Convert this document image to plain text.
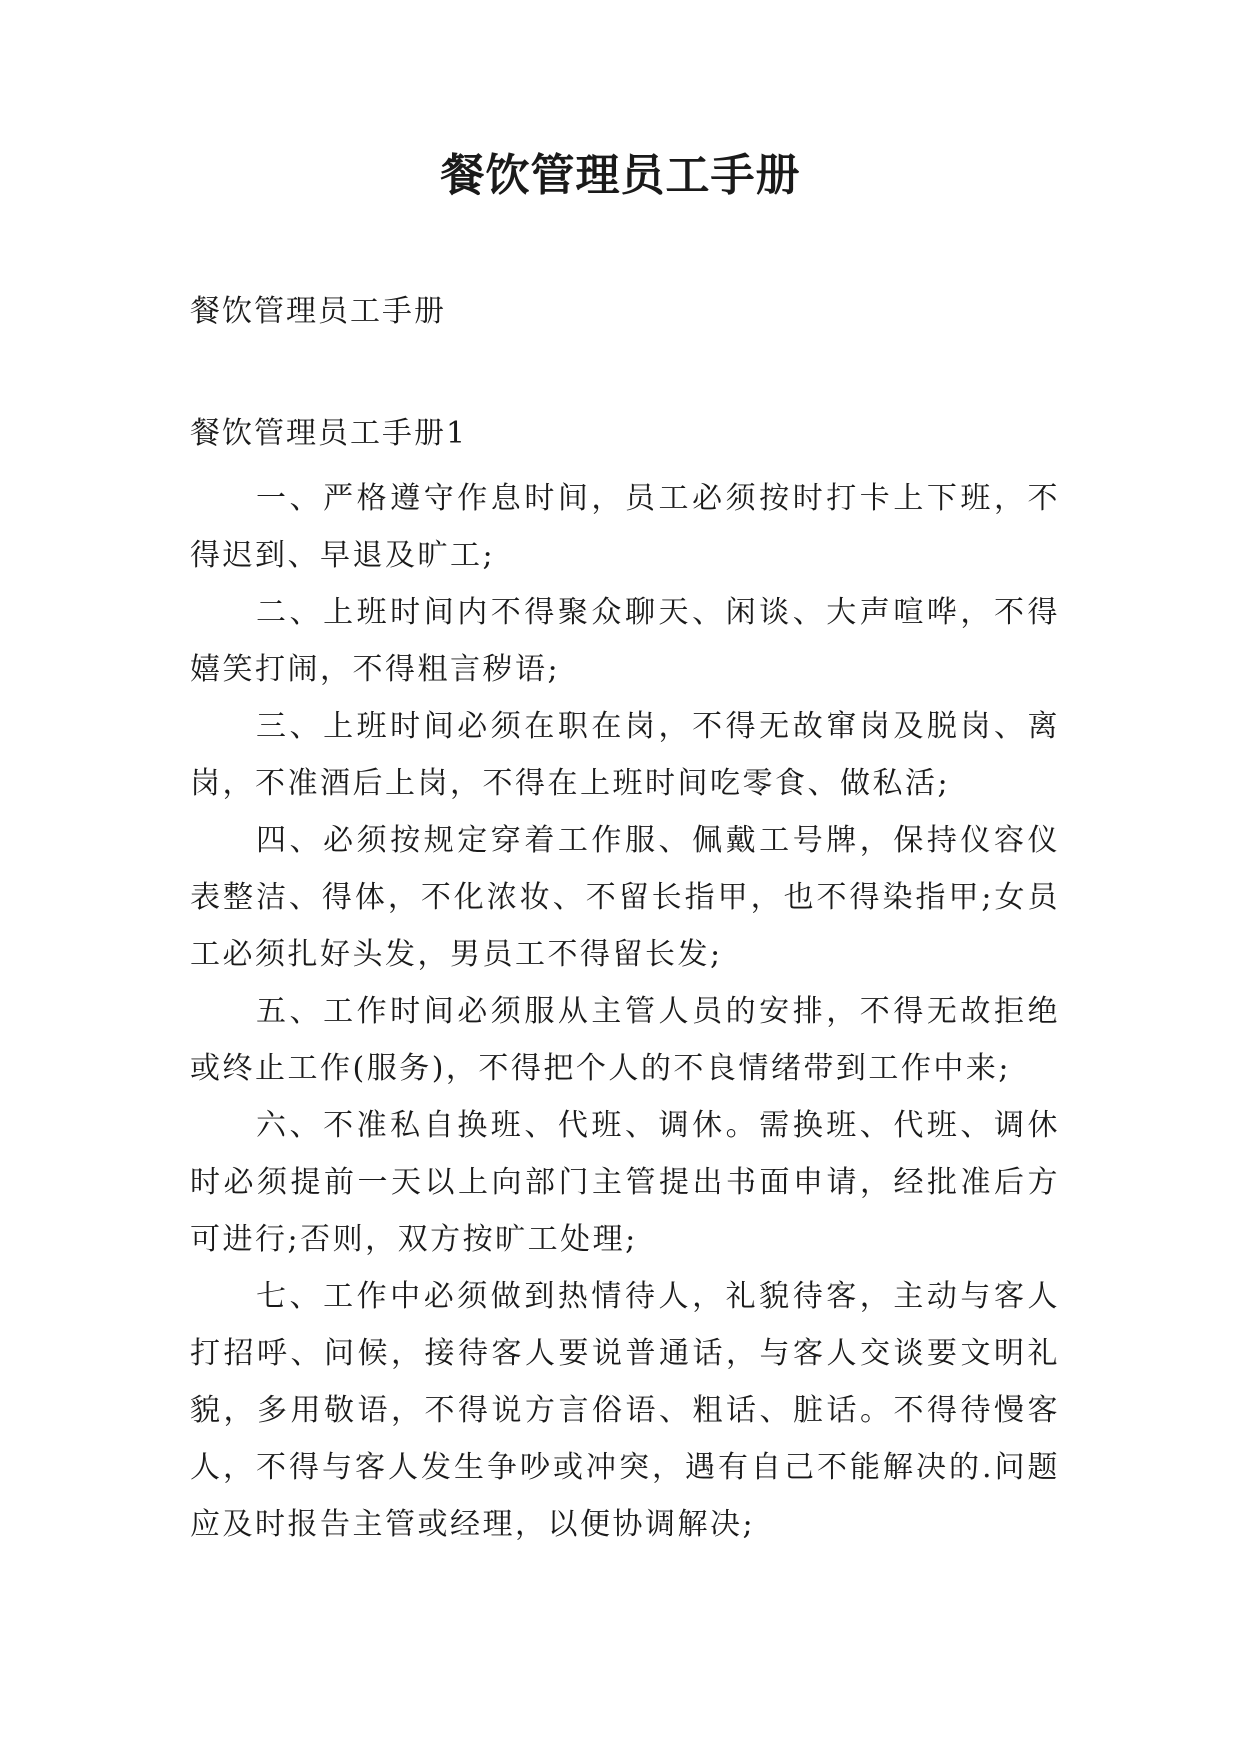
餐饮管理员工手册
餐饮管理员工手册
餐饮管理员工手册1

一、严格遵守作息时间，员工必须按时打卡上下班，不得迟到、早退及旷工;

二、上班时间内不得聚众聊天、闲谈、大声喧哗，不得嬉笑打闹，不得粗言秽语;

三、上班时间必须在职在岗，不得无故窜岗及脱岗、离岗，不准酒后上岗，不得在上班时间吃零食、做私活;

四、必须按规定穿着工作服、佩戴工号牌，保持仪容仪表整洁、得体，不化浓妆、不留长指甲，也不得染指甲;女员工必须扎好头发，男员工不得留长发;

五、工作时间必须服从主管人员的安排，不得无故拒绝或终止工作(服务)，不得把个人的不良情绪带到工作中来;

六、不准私自换班、代班、调休。需换班、代班、调休时必须提前一天以上向部门主管提出书面申请，经批准后方可进行;否则，双方按旷工处理;

七、工作中必须做到热情待人，礼貌待客，主动与客人打招呼、问候，接待客人要说普通话，与客人交谈要文明礼貌，多用敬语，不得说方言俗语、粗话、脏话。不得待慢客人，不得与客人发生争吵或冲突，遇有自己不能解决的.问题应及时报告主管或经理，以便协调解决;
